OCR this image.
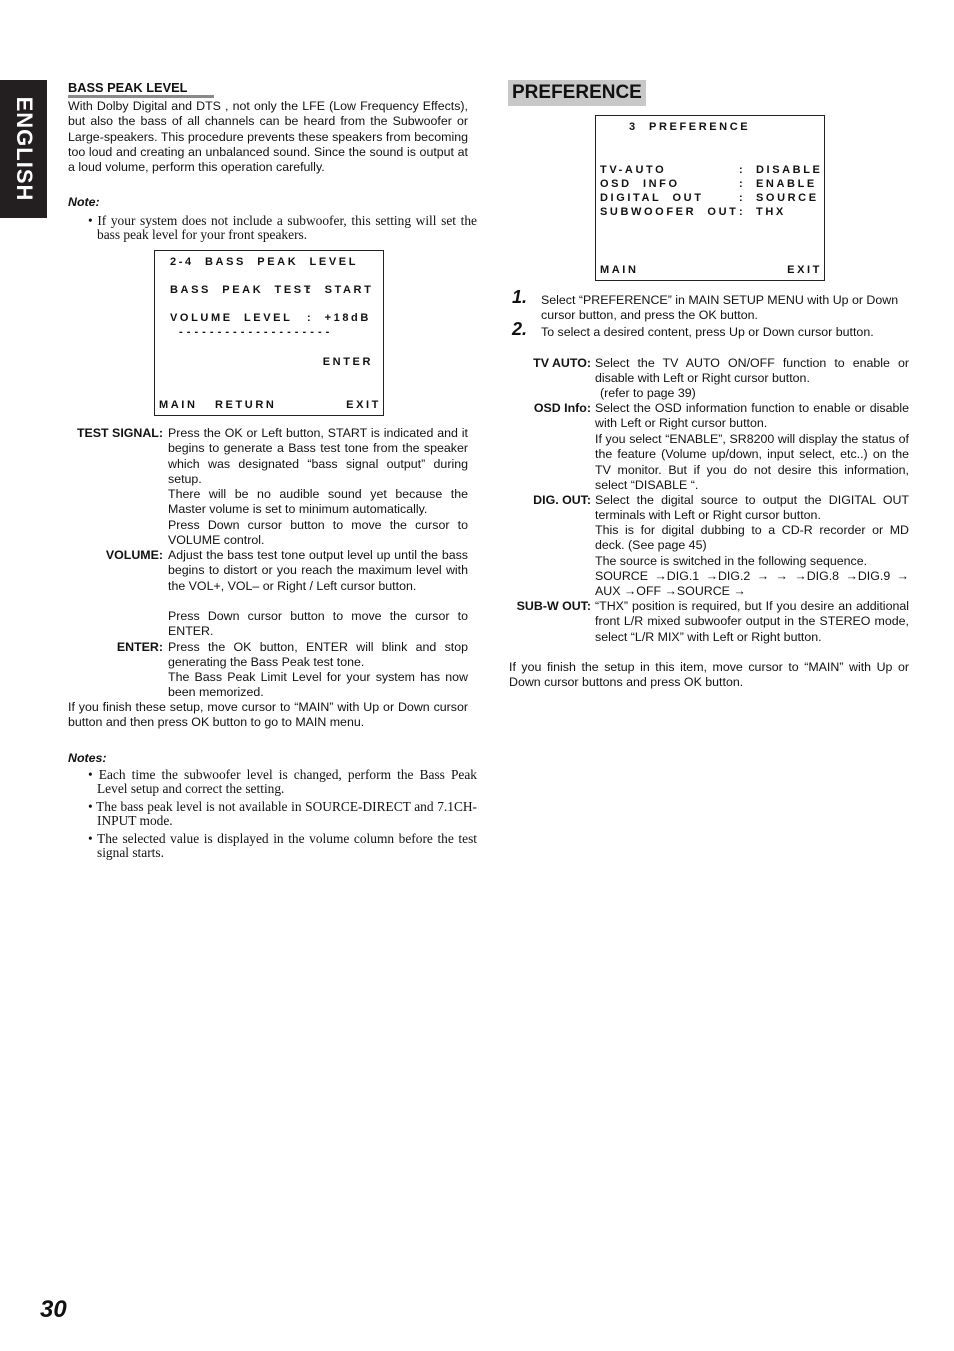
ENGLISH
BASS PEAK LEVEL
With Dolby Digital and DTS , not only the LFE (Low Frequency Effects), but also the bass of all channels can be heard from the Subwoofer or Large-speakers. This procedure prevents these speakers from becoming too loud and creating an unbalanced sound. Since the sound is output at a loud volume, perform this operation carefully.
Note:
• If your system does not include a subwoofer, this setting will set the bass peak level for your front speakers.
2-4  BASS  PEAK  LEVEL
BASS  PEAK  TEST
:  START
VOLUME  LEVEL :  +18dB
- - - - - - - - - - - - - - - - - - - -
ENTER
MAIN RETURN	EXIT
TEST SIGNAL: Press the OK or Left button, START is indicated and it begins to generate a Bass test tone from the speaker which was designated “bass signal output” during setup.
There will be no audible sound yet because the Master volume is set to minimum automatically.
Press Down cursor button to move the cursor to VOLUME control.
VOLUME: Adjust the bass test tone output level up until the bass begins to distort or you reach the maximum level with the VOL+, VOL– or Right / Left cursor button.
Press Down cursor button to move the cursor to ENTER.
ENTER: Press the OK button, ENTER will blink and stop generating the Bass Peak test tone.
The Bass Peak Limit Level for your system has now been memorized.
If you finish these setup, move cursor to “MAIN” with Up or Down cursor button and then press OK button to go to MAIN menu.
Notes:
• Each time the subwoofer level is changed, perform the Bass Peak Level setup and correct the setting.
• The bass peak level is not available in SOURCE-DIRECT and 7.1CH-INPUT mode.
• The selected value is displayed in the volume column before the test signal starts.
PREFERENCE
3  PREFERENCE
TV-AUTO	: DISABLE
OSD  INFO	: ENABLE
DIGITAL  OUT	: SOURCE
SUBWOOFER  OUT : THX
MAIN	EXIT
1. Select “PREFERENCE” in MAIN SETUP MENU with Up or Down cursor button, and press the OK button.
2. To select a desired content, press Up or Down cursor button.
TV AUTO: Select the TV AUTO ON/OFF function to enable or disable with Left or Right cursor button.
(refer to page 39)
OSD Info: Select the OSD information function to enable or disable with Left or Right cursor button.
If you select “ENABLE”, SR8200 will display the status of the feature (Volume up/down, input select, etc..) on the TV monitor. But if you do not desire this information, select “DISABLE “.
DIG. OUT: Select the digital source to output the DIGITAL OUT terminals with Left or Right cursor button.
This is for digital dubbing to a CD-R recorder or MD deck. (See page 45)
The source is switched in the following sequence.
SOURCE →DIG.1 →DIG.2 → → →DIG.8 →DIG.9 → AUX →OFF →SOURCE →
SUB-W OUT: “THX” position is required, but If you desire an additional front L/R mixed subwoofer output in the STEREO mode, select “L/R MIX” with Left or Right button.
If you finish the setup in this item, move cursor to “MAIN” with Up or Down cursor buttons and press OK button.
30
